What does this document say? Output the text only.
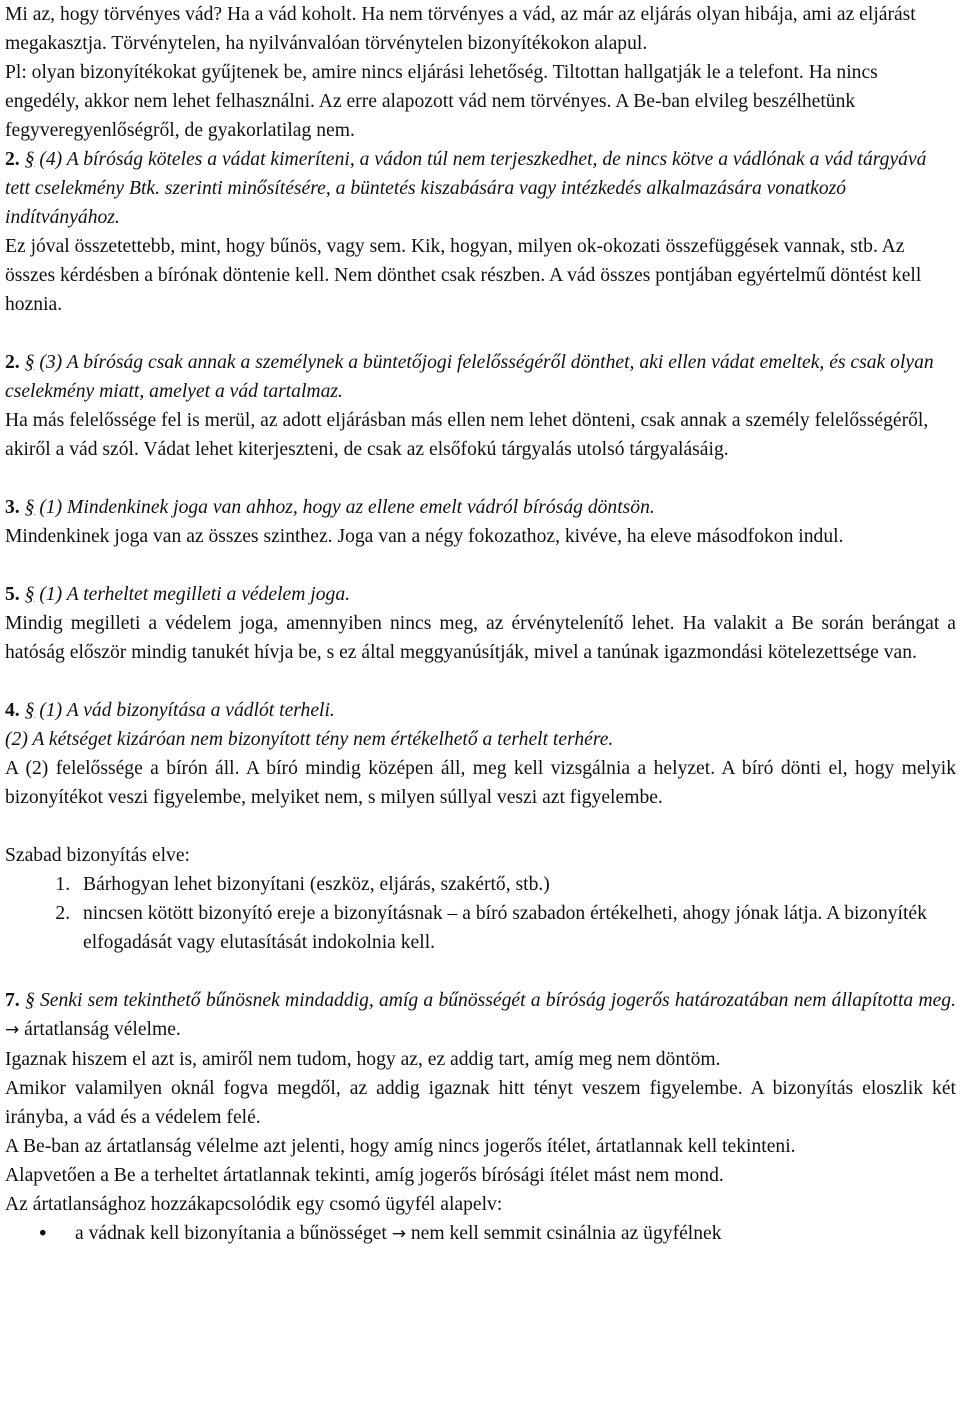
Mi az, hogy törvényes vád? Ha a vád koholt. Ha nem törvényes a vád, az már az eljárás olyan hibája, ami az eljárást megakasztja. Törvénytelen, ha nyilvánvalóan törvénytelen bizonyítékokon alapul.

Pl: olyan bizonyítékokat gyűjtenek be, amire nincs eljárási lehetőség. Tiltottan hallgatják le a telefont. Ha nincs engedély, akkor nem lehet felhasználni. Az erre alapozott vád nem törvényes. A Be-ban elvileg beszélhetünk fegyveregyenlőségről, de gyakorlatilag nem.

2. § (4) A bíróság köteles a vádat kimeríteni, a vádon túl nem terjeszkedhet, de nincs kötve a vádlónak a vád tárgyává tett cselekmény Btk. szerinti minősítésére, a büntetés kiszabására vagy intézkedés alkalmazására vonatkozó indítványához.

Ez jóval összetettebb, mint, hogy bűnös, vagy sem. Kik, hogyan, milyen ok-okozati összefüggések vannak, stb. Az összes kérdésben a bírónak döntenie kell. Nem dönthet csak részben. A vád összes pontjában egyértelmű döntést kell hoznia.

2. § (3) A bíróság csak annak a személynek a büntetőjogi felelősségéről dönthet, aki ellen vádat emeltek, és csak olyan cselekmény miatt, amelyet a vád tartalmaz.

Ha más felelőssége fel is merül, az adott eljárásban más ellen nem lehet dönteni, csak annak a személy felelősségéről, akiről a vád szól. Vádat lehet kiterjeszteni, de csak az elsőfokú tárgyalás utolsó tárgyalásáig.

3. § (1) Mindenkinek joga van ahhoz, hogy az ellene emelt vádról bíróság döntsön.

Mindenkinek joga van az összes szinthez. Joga van a négy fokozathoz, kivéve, ha eleve másodfokon indul.

5. § (1) A terheltet megilleti a védelem joga.

Mindig megilleti a védelem joga, amennyiben nincs meg, az érvénytelenítő lehet. Ha valakit a Be során berángat a hatóság először mindig tanukét hívja be, s ez által meggyanúsítják, mivel a tanúnak igazmondási kötelezettsége van.

4. § (1) A vád bizonyítása a vádlót terheli.

(2) A kétséget kizáróan nem bizonyított tény nem értékelhető a terhelt terhére.

A (2) felelőssége a bírón áll. A bíró mindig középen áll, meg kell vizsgálnia a helyzet. A bíró dönti el, hogy melyik bizonyítékot veszi figyelembe, melyiket nem, s milyen súllyal veszi azt figyelembe.

Szabad bizonyítás elve:

1. Bárhogyan lehet bizonyítani (eszköz, eljárás, szakértő, stb.)
2. nincsen kötött bizonyító ereje a bizonyításnak – a bíró szabadon értékelheti, ahogy jónak látja. A bizonyíték elfogadását vagy elutasítását indokolnia kell.

7. § Senki sem tekinthető bűnösnek mindaddig, amíg a bűnösségét a bíróság jogerős határozatában nem állapította meg. → ártatlanság vélelme.

Igaznak hiszem el azt is, amiről nem tudom, hogy az, ez addig tart, amíg meg nem döntöm.

Amikor valamilyen oknál fogva megdől, az addig igaznak hitt tényt veszem figyelembe. A bizonyítás eloszlik két irányba, a vád és a védelem felé.

A Be-ban az ártatlanság vélelme azt jelenti, hogy amíg nincs jogerős ítélet, ártatlannak kell tekinteni.

Alapvetően a Be a terheltet ártatlannak tekinti, amíg jogerős bírósági ítélet mást nem mond.

Az ártatlansághoz hozzákapcsolódik egy csomó ügyfél alapelv:

• a vádnak kell bizonyítania a bűnösséget → nem kell semmit csinálnia az ügyfélnek
